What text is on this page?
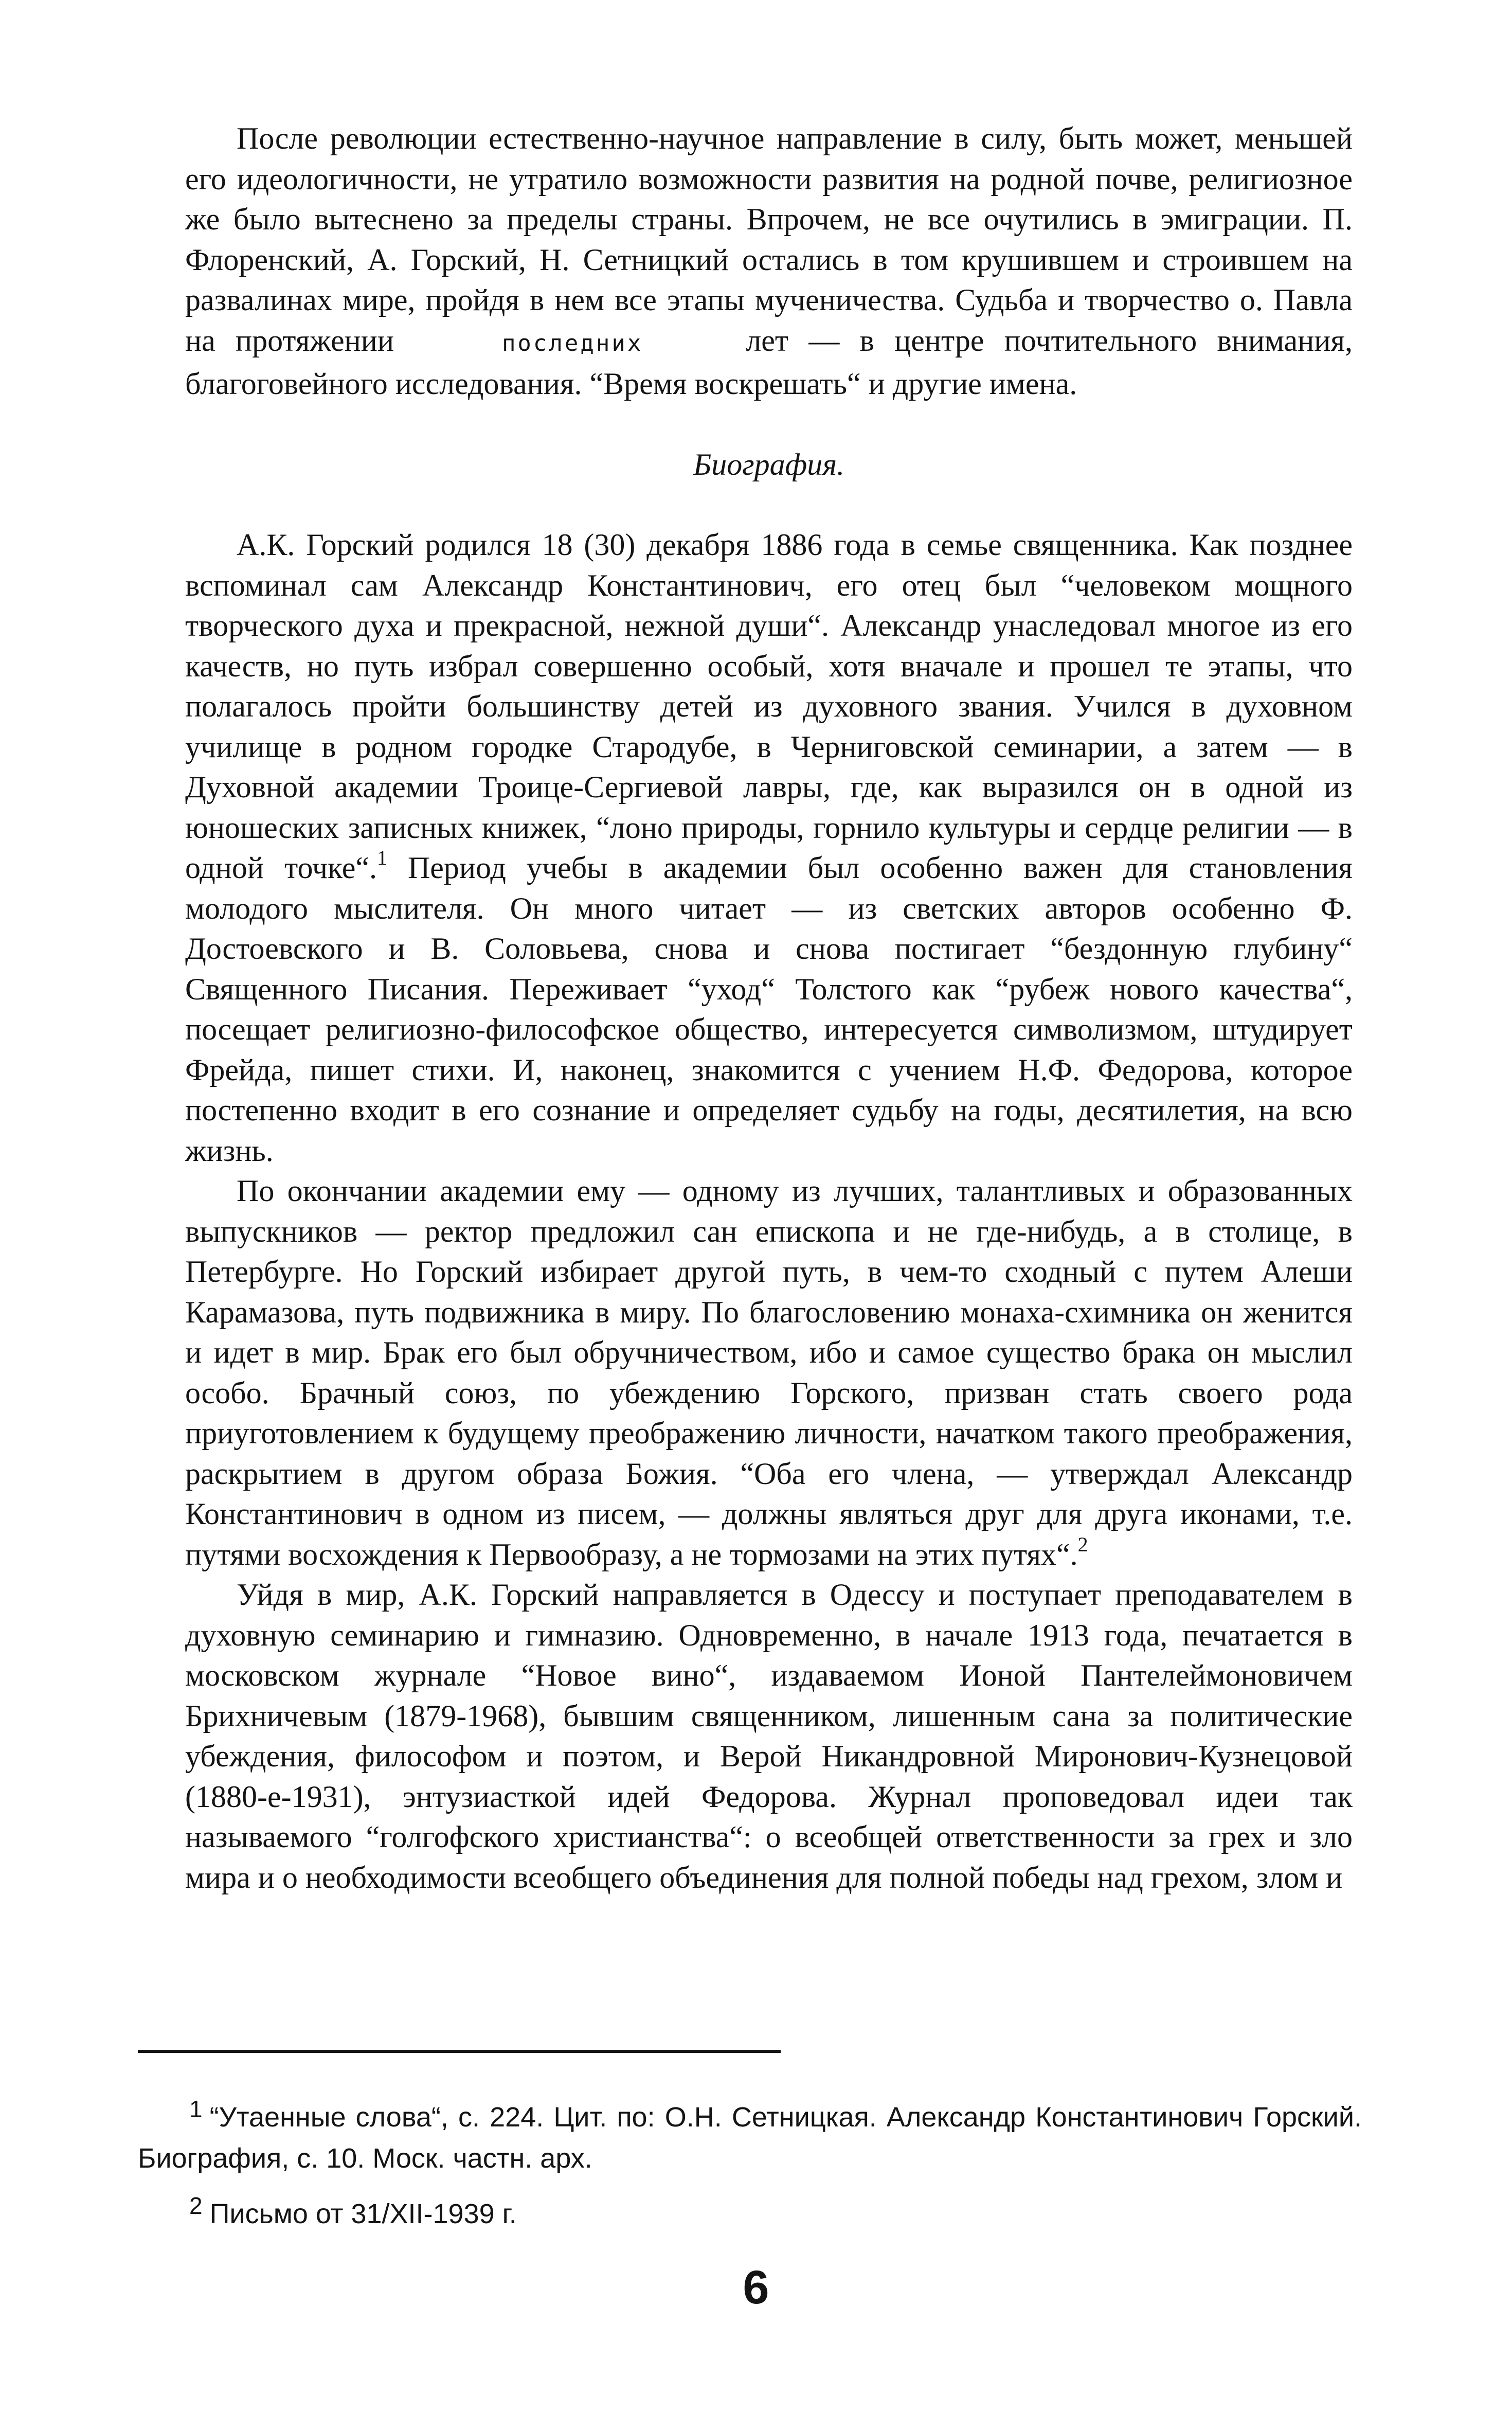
После революции естественно-научное направление в силу, быть может, меньшей его идеологичности, не утратило возможности развития на родной почве, религиозное же было вытеснено за пределы страны. Впрочем, не все очутились в эмиграции. П. Флоренский, А. Горский, Н. Сетницкий остались в том крушившем и строившем на развалинах мире, пройдя в нем все этапы мученичества. Судьба и творчество о. Павла на протяжении	последних	лет — в центре почтительного внимания, благоговейного исследования. “Время воскрешать“ и другие имена.

Биография.

А.К. Горский родился 18 (30) декабря 1886 года в семье священника. Как позднее вспоминал сам Александр Константинович, его отец был “человеком мощного творческого духа и прекрасной, нежной души“. Александр унаследовал многое из его качеств, но путь избрал совершенно особый, хотя вначале и прошел те этапы, что полагалось пройти большинству детей из духовного звания. Учился в духовном училище в родном городке Стародубе, в Черниговской семинарии, а затем — в Духовной академии Троице-Сергиевой лавры, где, как выразился он в одной из юношеских записных книжек, “лоно природы, горнило культуры и сердце религии — в одной точке“.$^1$ Период учебы в академии был особенно важен для становления молодого мыслителя. Он много читает — из светских авторов особенно Ф. Достоевского и В. Соловьева, снова и снова постигает “бездонную глубину“ Священного Писания. Переживает “уход“ Толстого как “рубеж нового качества“, посещает религиозно-философское общество, интересуется символизмом, штудирует Фрейда, пишет стихи. И, наконец, знакомится с учением Н.Ф. Федорова, которое постепенно входит в его сознание и определяет судьбу на годы, десятилетия, на всю жизнь.

По окончании академии ему — одному из лучших, талантливых и образованных выпускников — ректор предложил сан епископа и не где-нибудь, а в столице, в Петербурге. Но Горский избирает другой путь, в чем-то сходный с путем Алеши Карамазова, путь подвижника в миру. По благословению монаха-схимника он женится и идет в мир. Брак его был обручничеством, ибо и самое существо брака он мыслил особо. Брачный союз, по убеждению Горского, призван стать своего рода приуготовлением к будущему преображению личности, начатком такого преображения, раскрытием в другом образа Божия. “Оба его члена, — утверждал Александр Константинович в одном из писем, — должны являться друг для друга иконами, т.е. путями восхождения к Первообразу, а не тормозами на этих путях“.$^2$

Уйдя в мир, А.К. Горский направляется в Одессу и поступает преподавателем в духовную семинарию и гимназию. Одновременно, в начале 1913 года, печатается в московском журнале “Новое вино“, издаваемом Ионой Пантелеймоновичем Брихничевым (1879-1968), бывшим священником, лишенным сана за политические убеждения, философом и поэтом, и Верой Никандровной Миронович-Кузнецовой (1880-е-1931), энтузиасткой идей Федорова. Журнал проповедовал идеи так называемого “голгофского христианства“: о всеобщей ответственности за грех и зло мира и о необходимости всеобщего объединения для полной победы над грехом, злом и

1 “Утаенные слова“, с. 224. Цит. по: О.Н. Сетницкая. Александр Константинович Горский. Биография, с. 10. Моск. частн. арх.

2 Письмо от 31/XII-1939 г.

6
